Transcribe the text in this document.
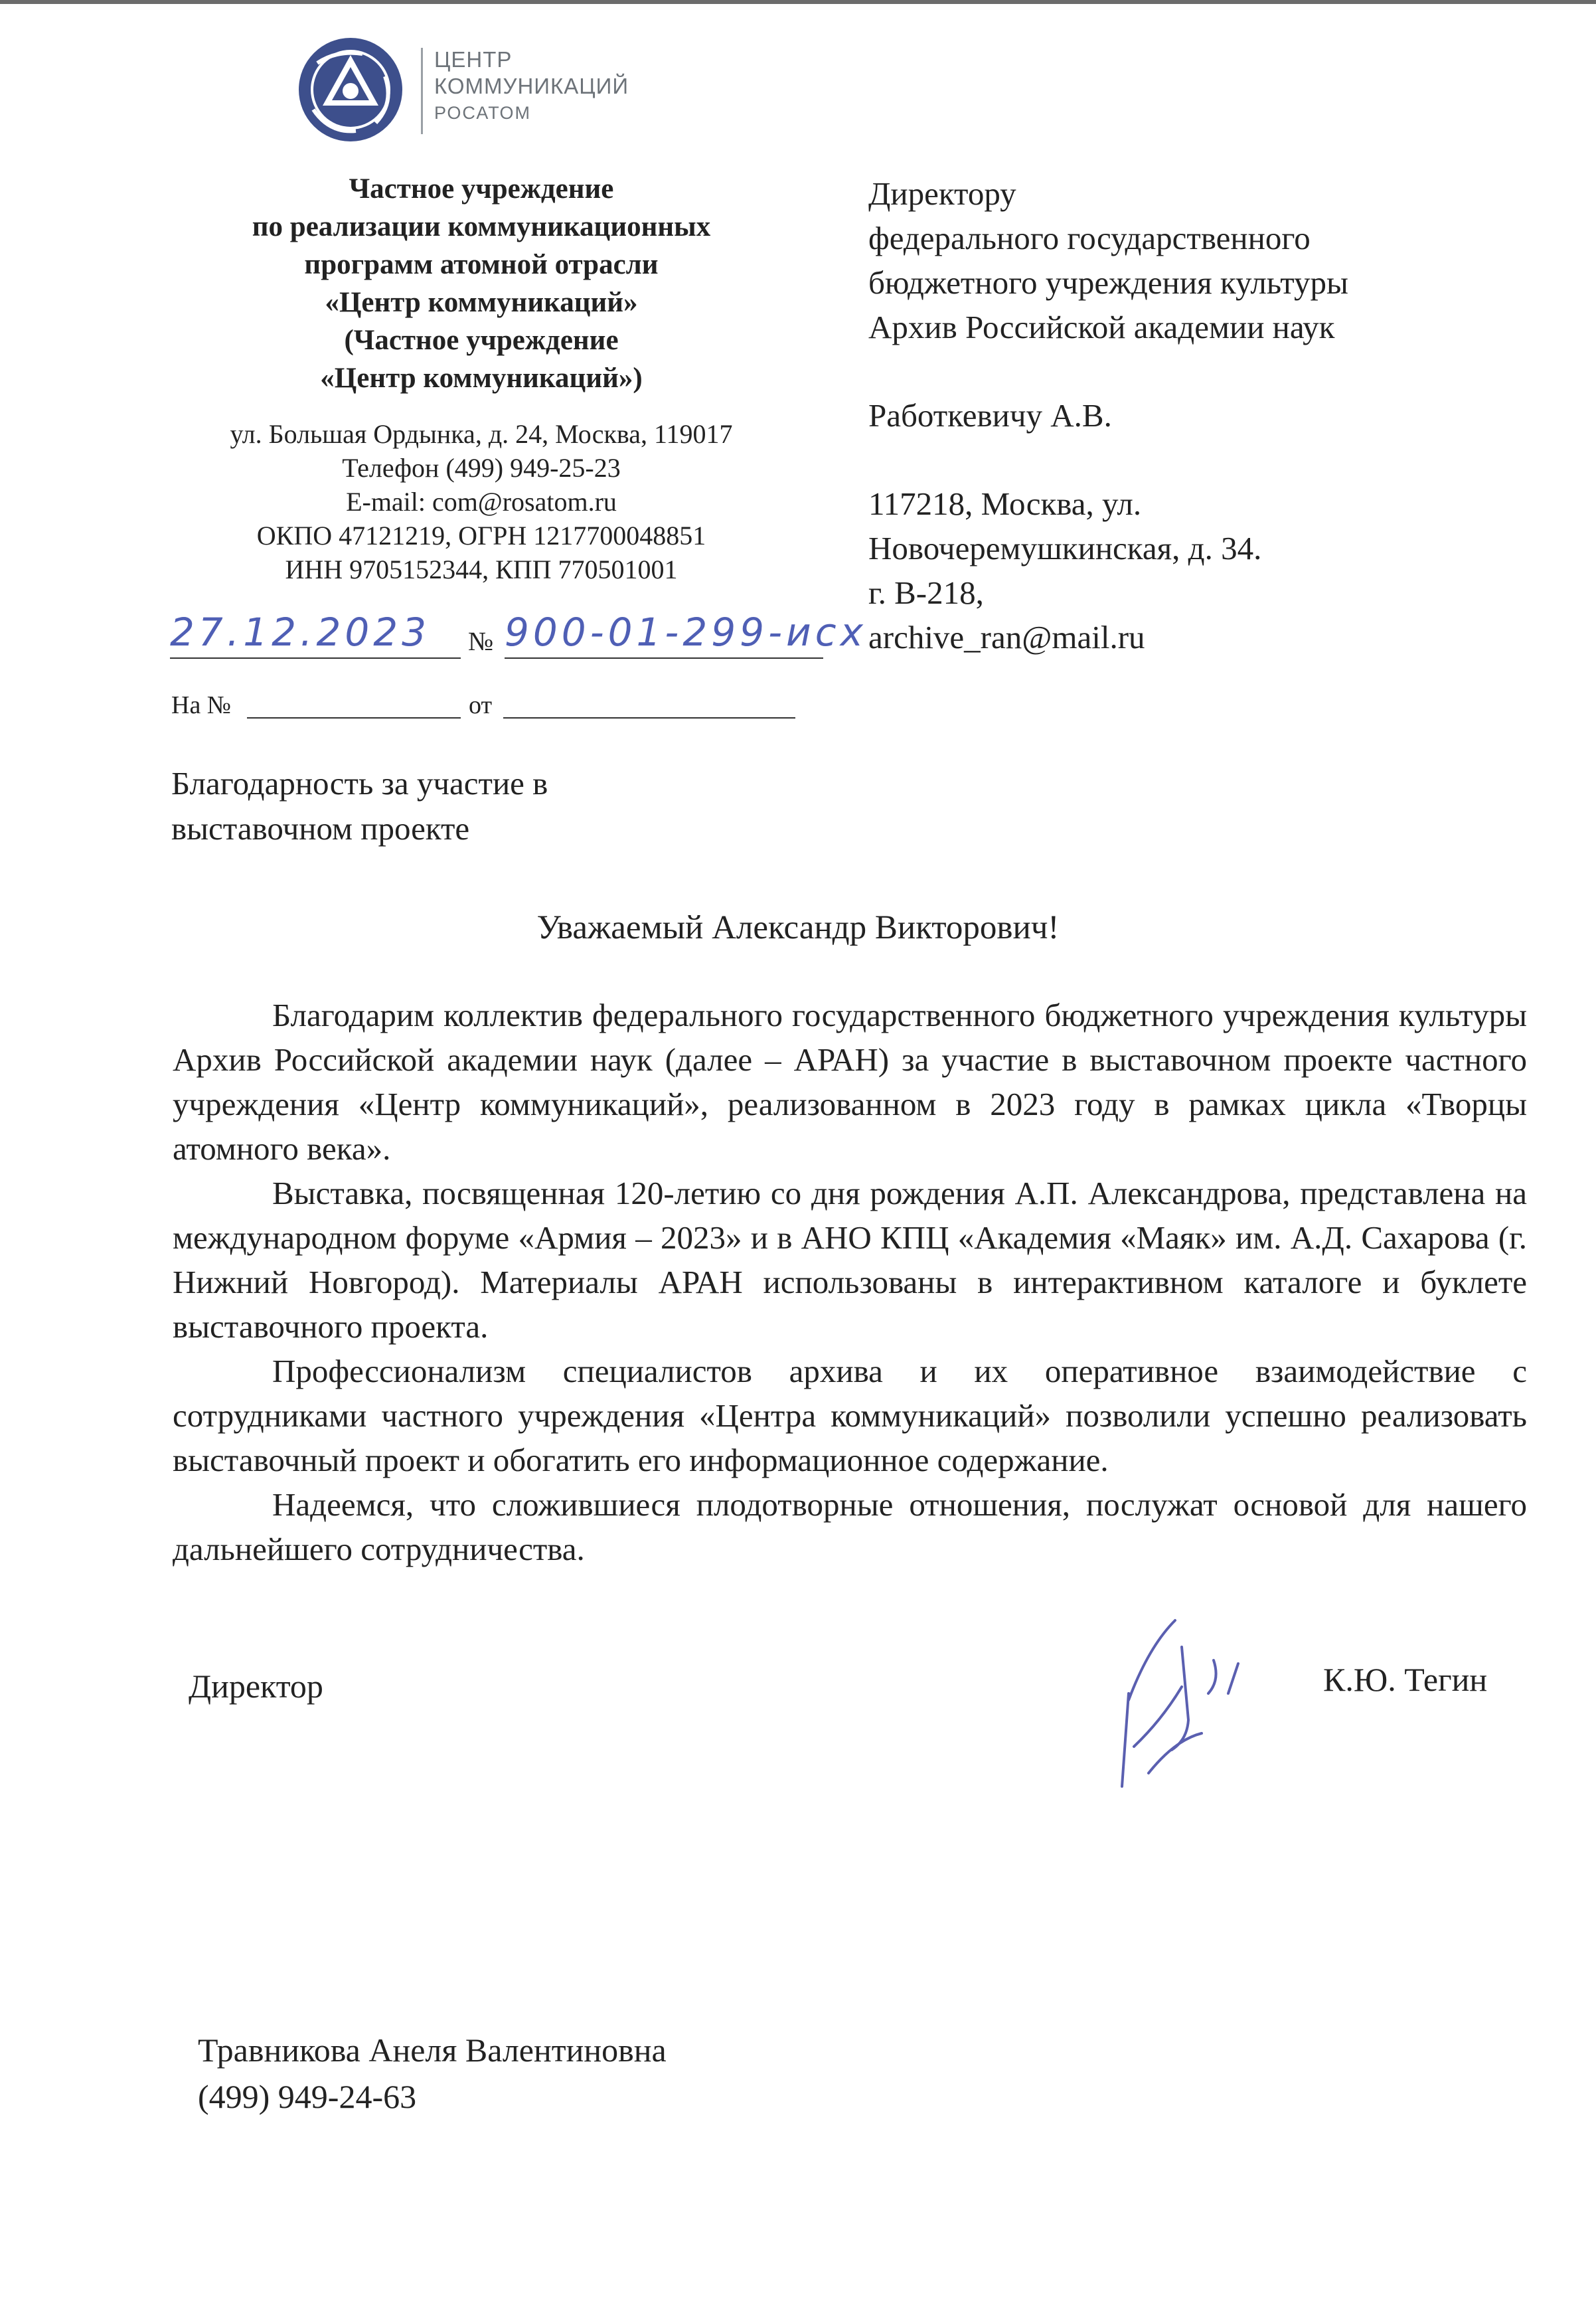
ЦЕНТР
КОММУНИКАЦИЙ
РОСАТОМ
Частное учреждение
по реализации коммуникационных
программ атомной отрасли
«Центр коммуникаций»
(Частное учреждение
«Центр коммуникаций»)
ул. Большая Ордынка, д. 24, Москва, 119017
Телефон (499) 949-25-23
E-mail: com@rosatom.ru
ОКПО 47121219, ОГРН 1217700048851
ИНН 9705152344, КПП 770501001
27.12.2023 № 900-01-299-исх
На №	от
Директору
федерального государственного
бюджетного учреждения культуры
Архив Российской академии наук
Работкевичу А.В.
117218, Москва, ул.
Новочеремушкинская, д. 34.
г. В-218,
archive_ran@mail.ru
Благодарность за участие в
выставочном проекте
Уважаемый Александр Викторович!

Благодарим коллектив федерального государственного бюджетного учреждения культуры Архив Российской академии наук (далее – АРАН) за участие в выставочном проекте частного учреждения «Центр коммуникаций», реализованном в 2023 году в рамках цикла «Творцы атомного века».

Выставка, посвященная 120-летию со дня рождения А.П. Александрова, представлена на международном форуме «Армия – 2023» и в АНО КПЦ «Академия «Маяк» им. А.Д. Сахарова (г. Нижний Новгород). Материалы АРАН использованы в интерактивном каталоге и буклете выставочного проекта.

Профессионализм специалистов архива и их оперативное взаимодействие с сотрудниками частного учреждения «Центра коммуникаций» позволили успешно реализовать выставочный проект и обогатить его информационное содержание.

Надеемся, что сложившиеся плодотворные отношения, послужат основой для нашего дальнейшего сотрудничества.

Директор	К.Ю. Тегин
Травникова Анеля Валентиновна
(499) 949-24-63
